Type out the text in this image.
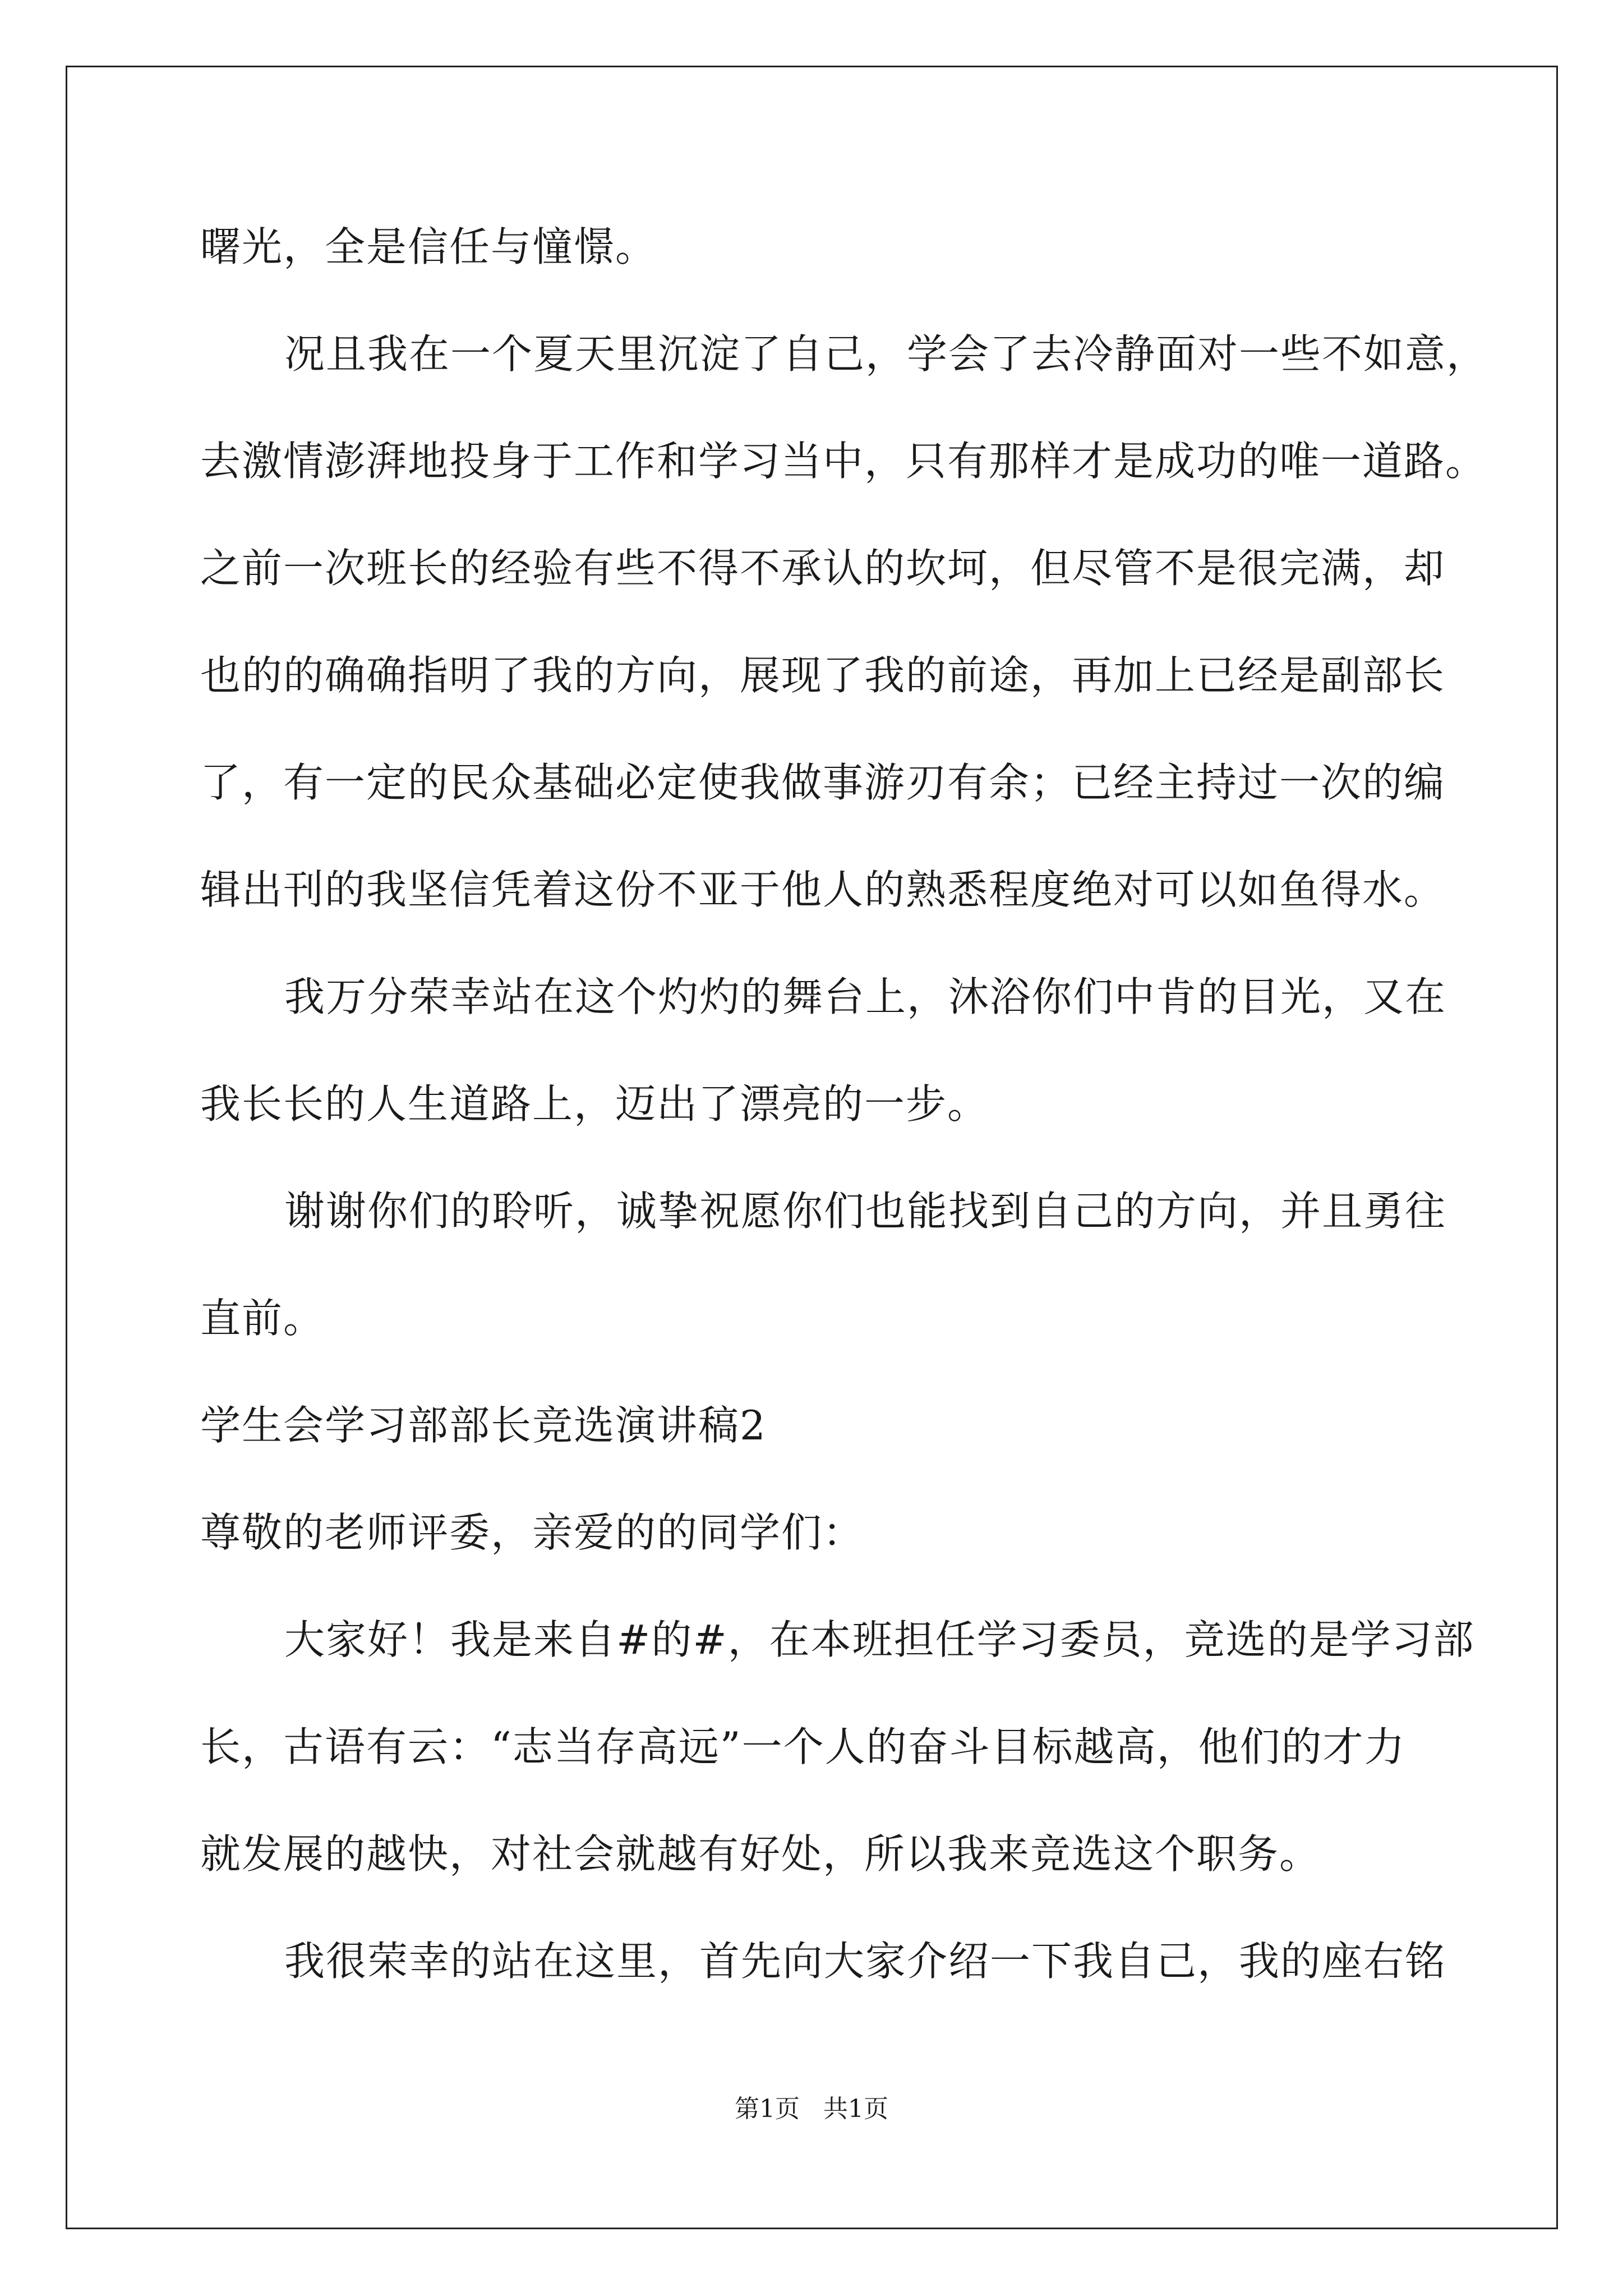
曙光，全是信任与憧憬。
况且我在一个夏天里沉淀了自己，学会了去冷静面对一些不如意，
去激情澎湃地投身于工作和学习当中，只有那样才是成功的唯一道路。
之前一次班长的经验有些不得不承认的坎坷，但尽管不是很完满，却
也的的确确指明了我的方向，展现了我的前途，再加上已经是副部长
了，有一定的民众基础必定使我做事游刃有余；已经主持过一次的编
辑出刊的我坚信凭着这份不亚于他人的熟悉程度绝对可以如鱼得水。
我万分荣幸站在这个灼灼的舞台上，沐浴你们中肯的目光，又在
我长长的人生道路上，迈出了漂亮的一步。
谢谢你们的聆听，诚挚祝愿你们也能找到自己的方向，并且勇往
直前。
学生会学习部部长竞选演讲稿2
尊敬的老师评委，亲爱的的同学们：
大家好！我是来自#的#，在本班担任学习委员，竞选的是学习部
长，古语有云：“志当存高远”一个人的奋斗目标越高，他们的才力
就发展的越快，对社会就越有好处，所以我来竞选这个职务。
我很荣幸的站在这里，首先向大家介绍一下我自己，我的座右铭
第1页   共1页
